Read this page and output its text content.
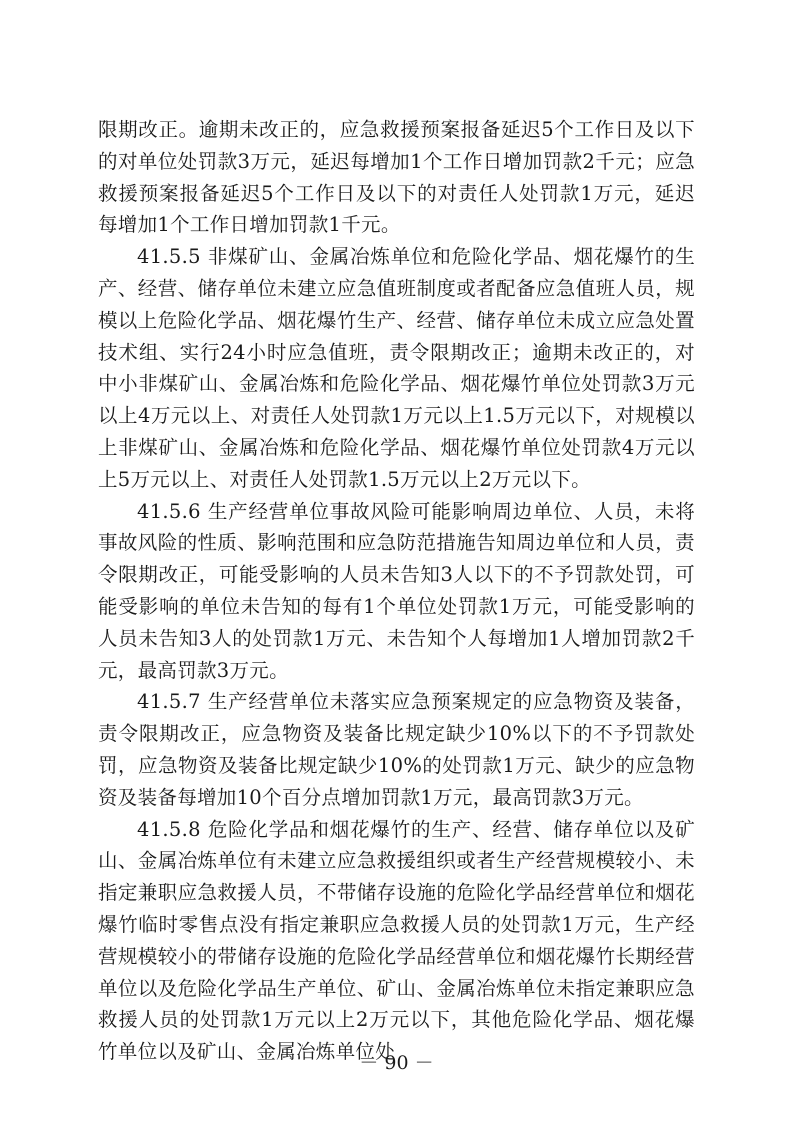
限期改正。逾期未改正的，应急救援预案报备延迟5个工作日及以下的对单位处罚款3万元，延迟每增加1个工作日增加罚款2千元；应急救援预案报备延迟5个工作日及以下的对责任人处罚款1万元，延迟每增加1个工作日增加罚款1千元。

41.5.5 非煤矿山、金属冶炼单位和危险化学品、烟花爆竹的生产、经营、储存单位未建立应急值班制度或者配备应急值班人员，规模以上危险化学品、烟花爆竹生产、经营、储存单位未成立应急处置技术组、实行24小时应急值班，责令限期改正；逾期未改正的，对中小非煤矿山、金属冶炼和危险化学品、烟花爆竹单位处罚款3万元以上4万元以上、对责任人处罚款1万元以上1.5万元以下，对规模以上非煤矿山、金属冶炼和危险化学品、烟花爆竹单位处罚款4万元以上5万元以上、对责任人处罚款1.5万元以上2万元以下。

41.5.6 生产经营单位事故风险可能影响周边单位、人员，未将事故风险的性质、影响范围和应急防范措施告知周边单位和人员，责令限期改正，可能受影响的人员未告知3人以下的不予罚款处罚，可能受影响的单位未告知的每有1个单位处罚款1万元，可能受影响的人员未告知3人的处罚款1万元、未告知个人每增加1人增加罚款2千元，最高罚款3万元。

41.5.7 生产经营单位未落实应急预案规定的应急物资及装备，责令限期改正，应急物资及装备比规定缺少10%以下的不予罚款处罚，应急物资及装备比规定缺少10%的处罚款1万元、缺少的应急物资及装备每增加10个百分点增加罚款1万元，最高罚款3万元。

41.5.8 危险化学品和烟花爆竹的生产、经营、储存单位以及矿山、金属冶炼单位有未建立应急救援组织或者生产经营规模较小、未指定兼职应急救援人员，不带储存设施的危险化学品经营单位和烟花爆竹临时零售点没有指定兼职应急救援人员的处罚款1万元，生产经营规模较小的带储存设施的危险化学品经营单位和烟花爆竹长期经营单位以及危险化学品生产单位、矿山、金属冶炼单位未指定兼职应急救援人员的处罚款1万元以上2万元以下，其他危险化学品、烟花爆竹单位以及矿山、金属冶炼单位处

－ 90 －
